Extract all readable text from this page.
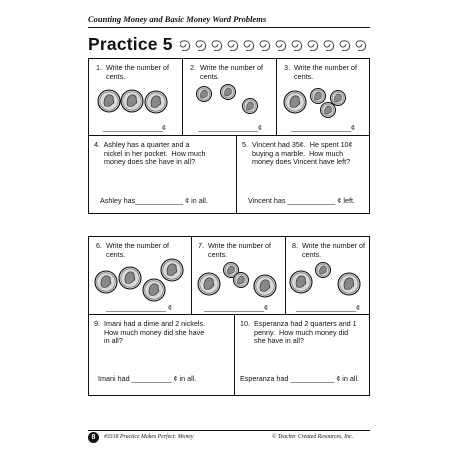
Counting Money and Basic Money Word Problems
Practice 5
1.  Write the number of
cents.
_______________ ¢
2.  Write the number of
cents.
_______________ ¢
3.  Write the number of
cents.
_______________ ¢
4.  Ashley has a quarter and a
nickel in her pocket.  How much
money does she have in all?
Ashley has____________ ¢ in all.
5.  Vincent had 35¢.  He spent 10¢
buying a marble.  How much
money does Vincent have left?
Vincent has ____________ ¢ left.
6.  Write the number of
cents.
_______________ ¢
7.  Write the number of
cents.
_______________ ¢
8.  Write the number of
cents.
_______________ ¢
9.  Imani had a dime and 2 nickels.
How much money did she have
in all?
Imani had __________ ¢ in all.
10.  Esperanza had 2 quarters and 1
penny.  How much money did
she have in all?
Esperanza had ___________ ¢ in all.
8	#3318 Practice Makes Perfect: Money	© Teacher Created Resources, Inc.
